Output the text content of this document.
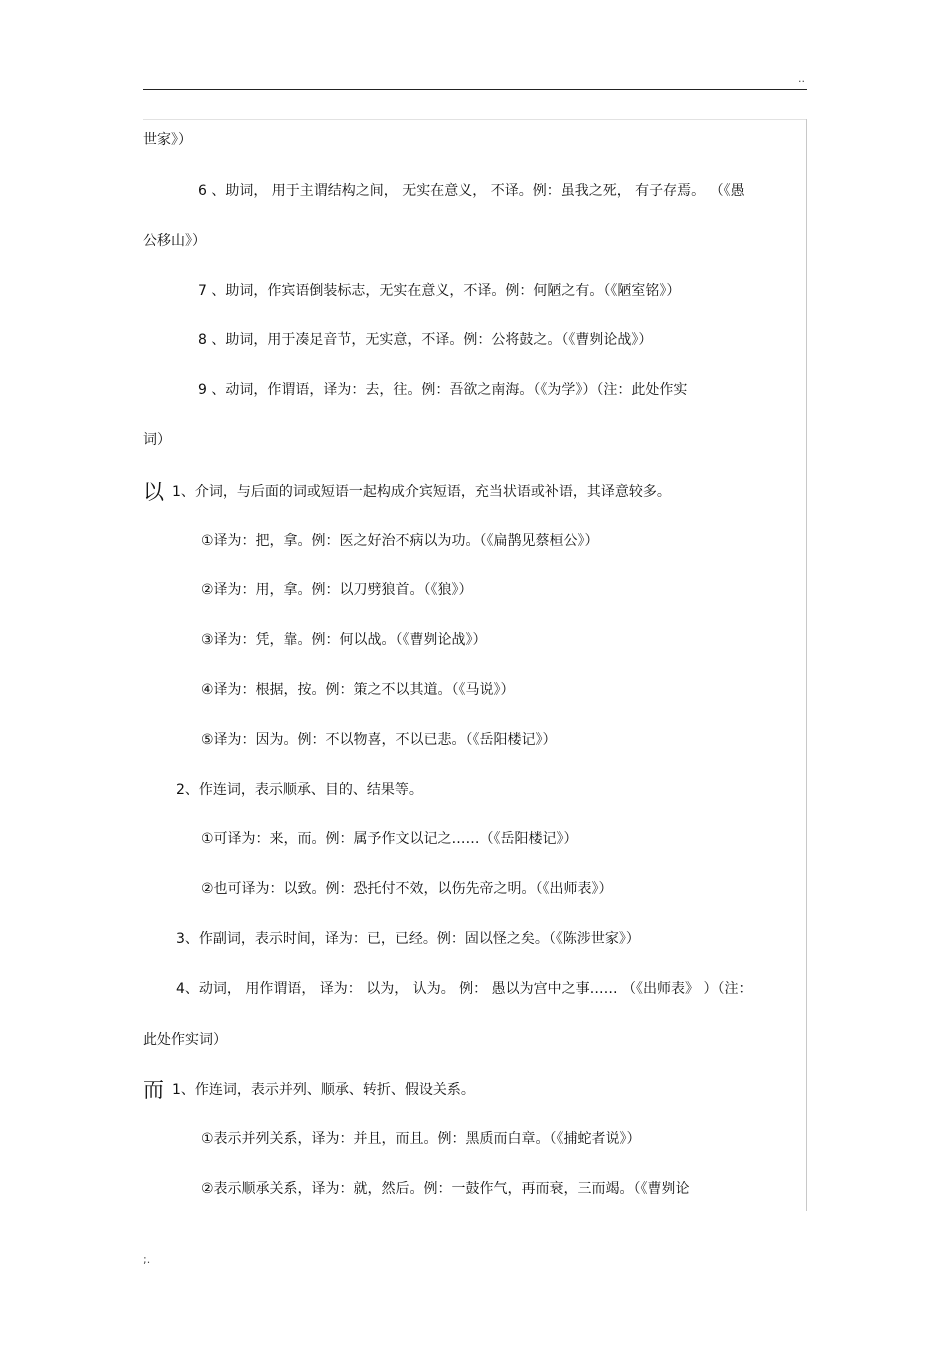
..
世家》）
6 、助词， 用于主谓结构之间， 无实在意义， 不译。例：虽我之死， 有子存焉。 （《愚
公移山》）
7 、助词，作宾语倒装标志，无实在意义，不译。例：何陋之有。（《陋室铭》）
8 、助词，用于凑足音节，无实意，不译。例：公将鼓之。（《曹刿论战》）
9 、动词，作谓语，译为：去，往。例：吾欲之南海。（《为学》）（注：此处作实
词）
以 1、介词，与后面的词或短语一起构成介宾短语，充当状语或补语，其译意较多。
①译为：把，拿。例：医之好治不病以为功。（《扁鹊见蔡桓公》）
②译为：用，拿。例：以刀劈狼首。（《狼》）
③译为：凭，靠。例：何以战。（《曹刿论战》）
④译为：根据，按。例：策之不以其道。（《马说》）
⑤译为：因为。例：不以物喜，不以已悲。（《岳阳楼记》）
2、作连词，表示顺承、目的、结果等。
①可译为：来，而。例：属予作文以记之……（《岳阳楼记》）
②也可译为：以致。例：恐托付不效，以伤先帝之明。（《出师表》）
3、作副词，表示时间，译为：已，已经。例：固以怪之矣。（《陈涉世家》）
4、动词， 用作谓语， 译为： 以为， 认为。 例： 愚以为宫中之事…… （《出师表》 ）（注：
此处作实词）
而 1、作连词，表示并列、顺承、转折、假设关系。
①表示并列关系，译为：并且，而且。例：黑质而白章。（《捕蛇者说》）
②表示顺承关系，译为：就，然后。例：一鼓作气，再而衰，三而竭。（《曹刿论
;.
